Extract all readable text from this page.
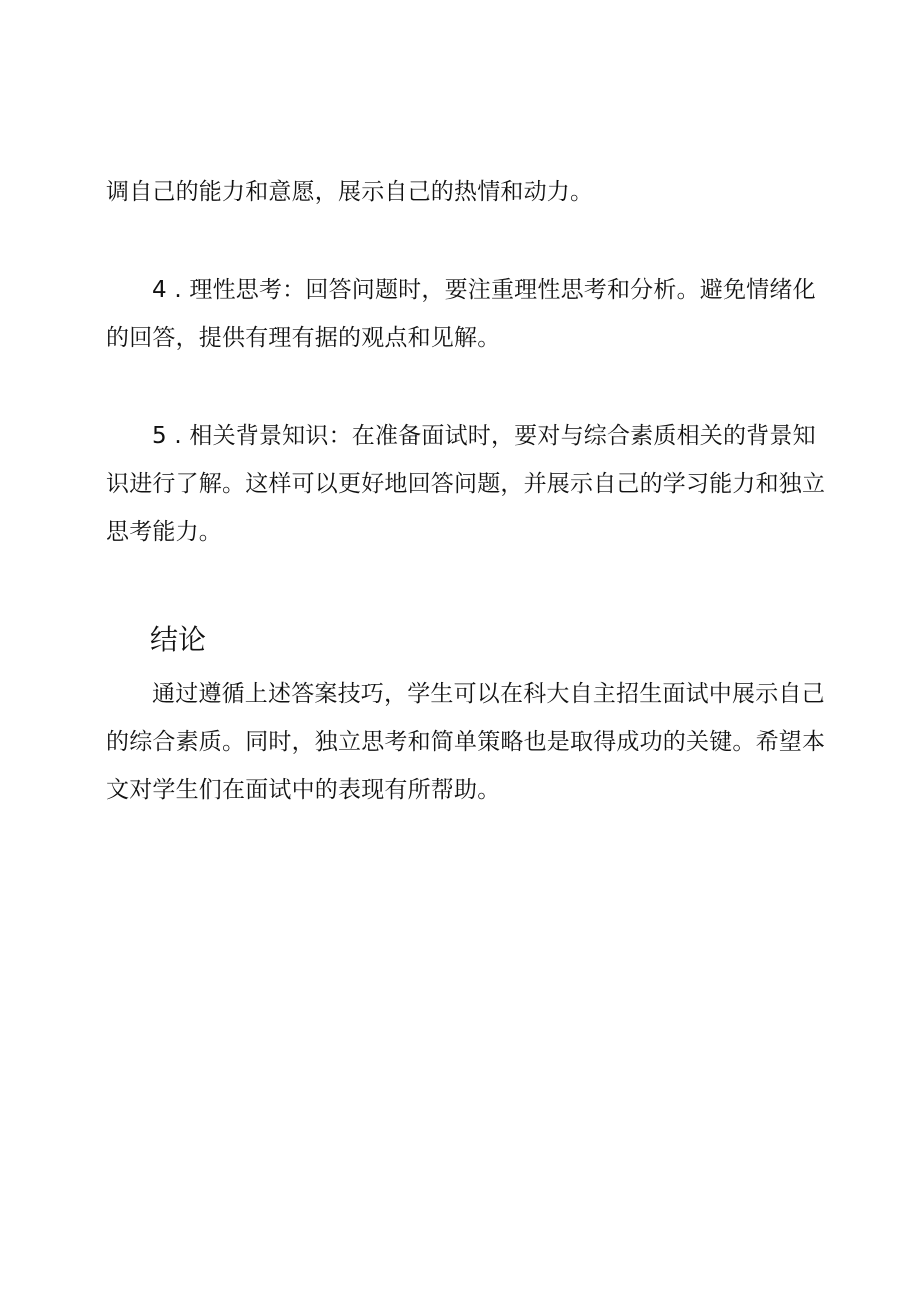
调自己的能力和意愿，展示自己的热情和动力。

4 . 理性思考：回答问题时，要注重理性思考和分析。避免情绪化的回答，提供有理有据的观点和见解。

5 . 相关背景知识：在准备面试时，要对与综合素质相关的背景知识进行了解。这样可以更好地回答问题，并展示自己的学习能力和独立思考能力。

结论

通过遵循上述答案技巧，学生可以在科大自主招生面试中展示自己的综合素质。同时，独立思考和简单策略也是取得成功的关键。希望本文对学生们在面试中的表现有所帮助。
